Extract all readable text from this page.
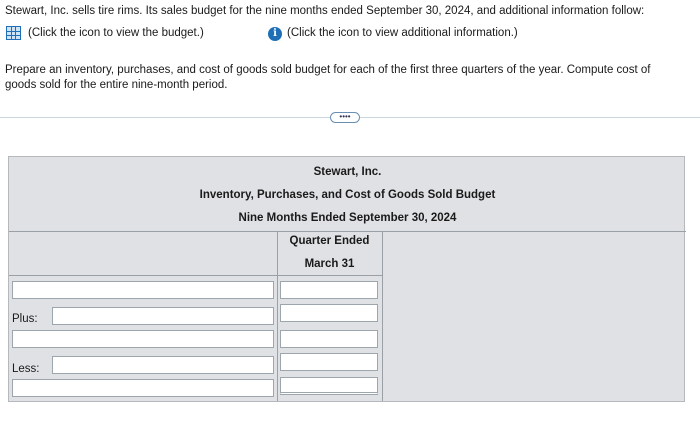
Stewart, Inc. sells tire rims. Its sales budget for the nine months ended September 30, 2024, and additional information follow:
(Click the icon to view the budget.)	i (Click the icon to view additional information.)
Prepare an inventory, purchases, and cost of goods sold budget for each of the first three quarters of the year. Compute cost of
goods sold for the entire nine-month period.
••••
Stewart, Inc.
Inventory, Purchases, and Cost of Goods Sold Budget
Nine Months Ended September 30, 2024
Quarter Ended
March 31
Plus:
Less:
